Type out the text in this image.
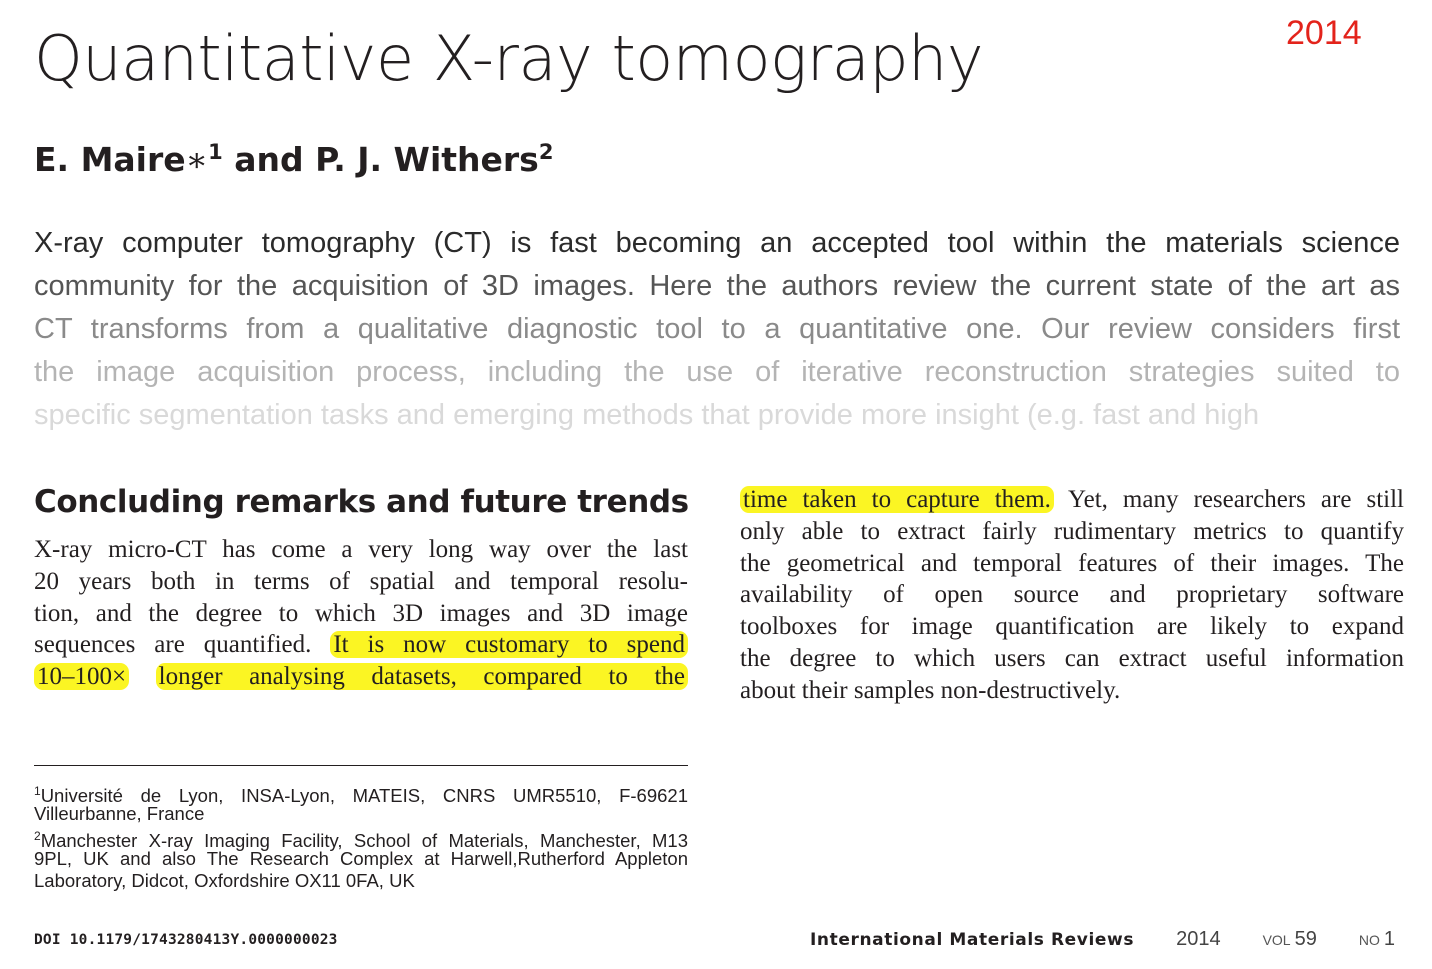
2014
Quantitative X-ray tomography
E. Maire∗$^1$ and P. J. Withers$^2$
X-ray computer tomography (CT) is fast becoming an accepted tool within the materials science
community for the acquisition of 3D images. Here the authors review the current state of the art as
CT transforms from a qualitative diagnostic tool to a quantitative one. Our review considers first
the image acquisition process, including the use of iterative reconstruction strategies suited to
specific segmentation tasks and emerging methods that provide more insight (e.g. fast and high
Concluding remarks and future trends
X-ray micro-CT has come a very long way over the last
20 years both in terms of spatial and temporal resolu-
tion, and the degree to which 3D images and 3D image
sequences are quantified. It is now customary to spend
10–100× longer analysing datasets, compared to the
time taken to capture them. Yet, many researchers are still
only able to extract fairly rudimentary metrics to quantify
the geometrical and temporal features of their images. The
availability of open source and proprietary software
toolboxes for image quantification are likely to expand
the degree to which users can extract useful information
about their samples non-destructively.
$^1$Université de Lyon, INSA-Lyon, MATEIS, CNRS UMR5510, F-69621
Villeurbanne, France
$^2$Manchester X-ray Imaging Facility, School of Materials, Manchester, M13
9PL, UK and also The Research Complex at Harwell,Rutherford Appleton
Laboratory, Didcot, Oxfordshire OX11 0FA, UK
DOI 10.1179/1743280413Y.0000000023	International Materials Reviews 2014	VOL 59	NO 1
